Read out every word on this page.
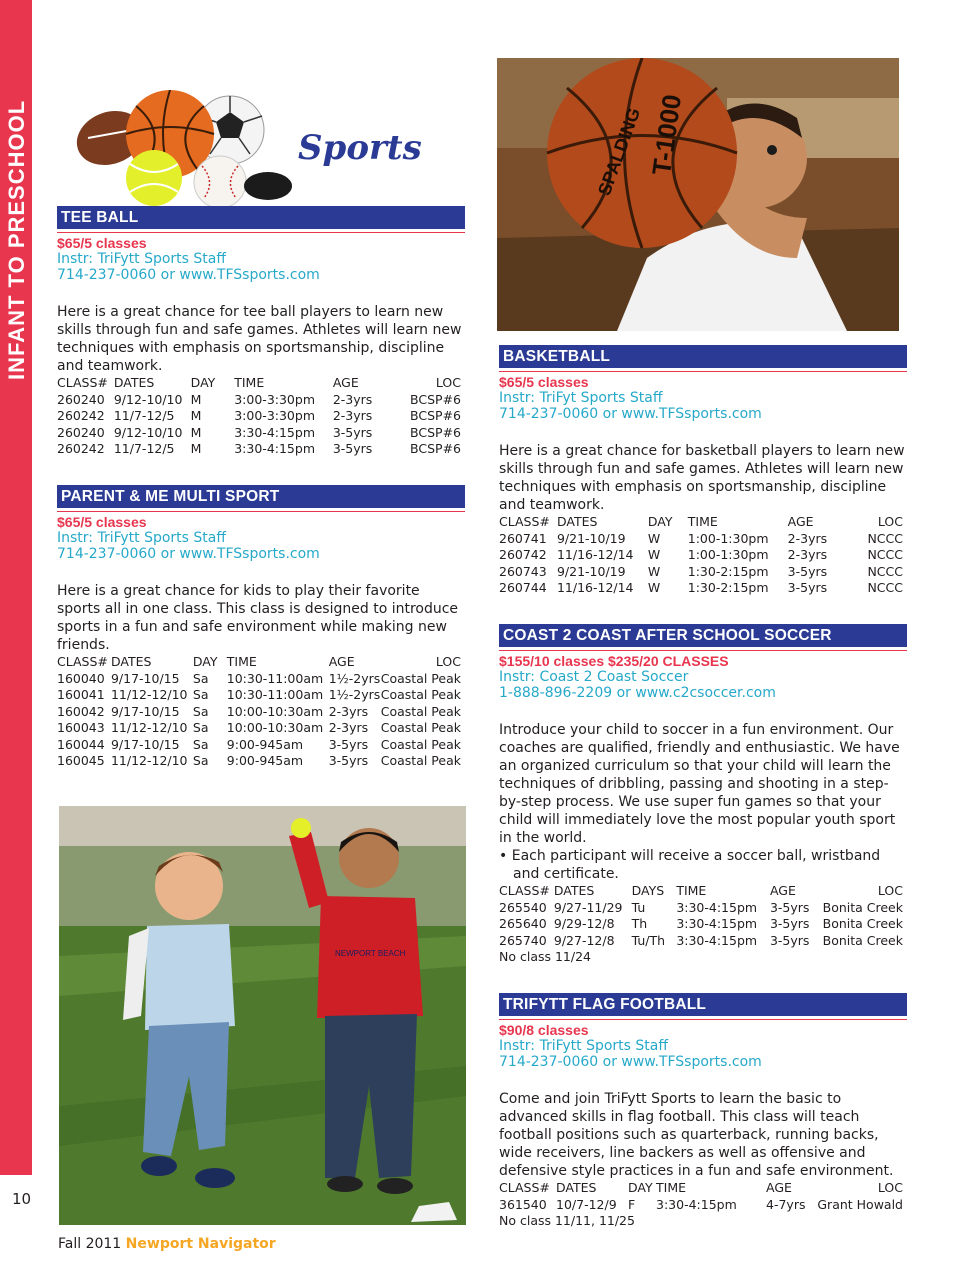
INFANT TO PRESCHOOL
10
Sports
TEE BALL
$65/5 classes
Instr: TriFytt Sports Staff
714-237-0060 or www.TFSsports.com
Here is a great chance for tee ball players to learn new skills through fun and safe games. Athletes will learn new techniques with emphasis on sportsmanship, discipline and teamwork.
CLASS#	DATES	DAY	TIME	AGE	LOC
260240	9/12-10/10	M	3:00-3:30pm	2-3yrs	BCSP#6
260242	11/7-12/5	M	3:00-3:30pm	2-3yrs	BCSP#6
260240	9/12-10/10	M	3:30-4:15pm	3-5yrs	BCSP#6
260242	11/7-12/5	M	3:30-4:15pm	3-5yrs	BCSP#6
PARENT & ME MULTI SPORT
$65/5 classes
Instr: TriFytt Sports Staff
714-237-0060 or www.TFSsports.com
Here is a great chance for kids to play their favorite sports all in one class. This class is designed to introduce sports in a fun and safe environment while making new friends.
CLASS#	DATES	DAY	TIME	AGE	LOC
160040	9/17-10/15	Sa	10:30-11:00am	1½-2yrs	Coastal Peak
160041	11/12-12/10	Sa	10:30-11:00am	1½-2yrs	Coastal Peak
160042	9/17-10/15	Sa	10:00-10:30am	2-3yrs	Coastal Peak
160043	11/12-12/10	Sa	10:00-10:30am	2-3yrs	Coastal Peak
160044	9/17-10/15	Sa	9:00-945am	3-5yrs	Coastal Peak
160045	11/12-12/10	Sa	9:00-945am	3-5yrs	Coastal Peak
NEWPORT BEACH
T-1000
SPALDING
BASKETBALL
$65/5 classes
Instr: TriFyt Sports Staff
714-237-0060 or www.TFSsports.com
Here is a great chance for basketball players to learn new skills through fun and safe games. Athletes will learn new techniques with emphasis on sportsmanship, discipline and teamwork.
CLASS#	DATES	DAY	TIME	AGE	LOC
260741	9/21-10/19	W	1:00-1:30pm	2-3yrs	NCCC
260742	11/16-12/14	W	1:00-1:30pm	2-3yrs	NCCC
260743	9/21-10/19	W	1:30-2:15pm	3-5yrs	NCCC
260744	11/16-12/14	W	1:30-2:15pm	3-5yrs	NCCC
COAST 2 COAST AFTER SCHOOL SOCCER
$155/10 classes $235/20 CLASSES
Instr: Coast 2 Coast Soccer
1-888-896-2209 or www.c2csoccer.com
Introduce your child to soccer in a fun environment. Our coaches are qualified, friendly and enthusiastic. We have an organized curriculum so that your child will learn the techniques of dribbling, passing and shooting in a step-by-step process. We use super fun games so that your child will immediately love the most popular youth sport in the world.
• Each participant will receive a soccer ball, wristband and certificate.
CLASS#	DATES	DAYS	TIME	AGE	LOC
265540	9/27-11/29	Tu	3:30-4:15pm	3-5yrs	Bonita Creek
265640	9/29-12/8	Th	3:30-4:15pm	3-5yrs	Bonita Creek
265740	9/27-12/8	Tu/Th	3:30-4:15pm	3-5yrs	Bonita Creek
No class 11/24
TRIFYTT FLAG FOOTBALL
$90/8 classes
Instr: TriFytt Sports Staff
714-237-0060 or www.TFSsports.com
Come and join TriFytt Sports to learn the basic to advanced skills in flag football. This class will teach football positions such as quarterback, running backs, wide receivers, line backers as well as offensive and defensive style practices in a fun and safe environment.
CLASS#	DATES	DAY	TIME	AGE	LOC
361540	10/7-12/9	F	3:30-4:15pm	4-7yrs	Grant Howald
No class 11/11, 11/25
Fall 2011 Newport Navigator
